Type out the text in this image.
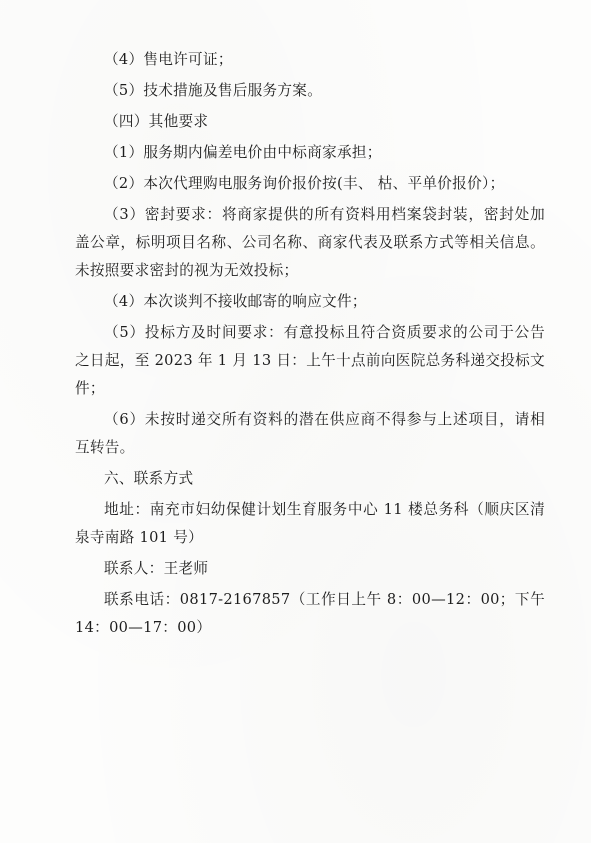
（4）售电许可证；

（5）技术措施及售后服务方案。

（四）其他要求

（1）服务期内偏差电价由中标商家承担；

（2）本次代理购电服务询价报价按(丰、 枯、平单价报价）；

（3）密封要求：将商家提供的所有资料用档案袋封装，密封处加盖公章，标明项目名称、公司名称、商家代表及联系方式等相关信息。未按照要求密封的视为无效投标；

（4）本次谈判不接收邮寄的响应文件；

（5）投标方及时间要求：有意投标且符合资质要求的公司于公告之日起，至 2023 年 1 月 13 日：上午十点前向医院总务科递交投标文件；

（6）未按时递交所有资料的潜在供应商不得参与上述项目，请相互转告。

六、联系方式

地址：南充市妇幼保健计划生育服务中心 11 楼总务科（顺庆区清泉寺南路 101 号）

联系人：王老师

联系电话：0817-2167857（工作日上午 8：00—12：00；下午 14：00—17：00）
